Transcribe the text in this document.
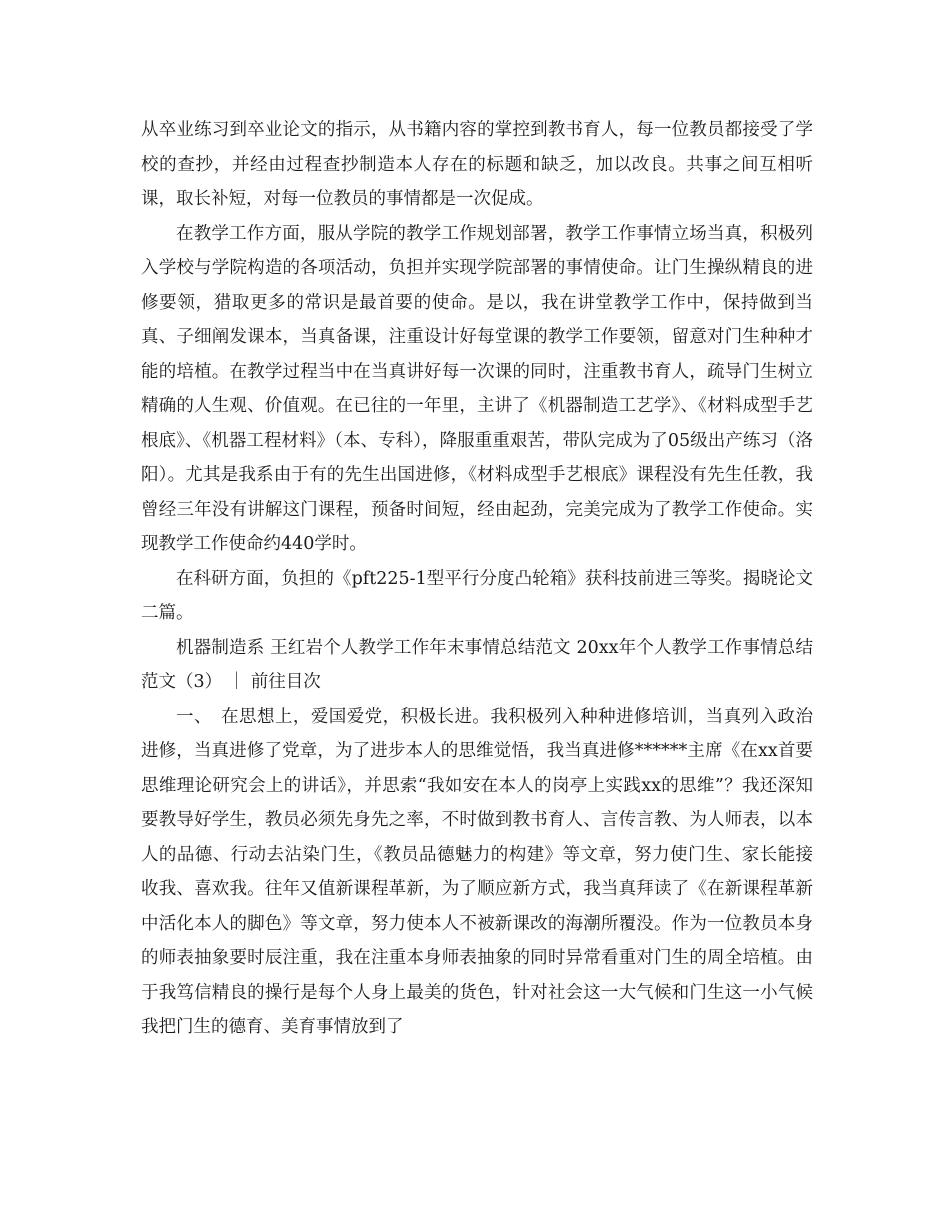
从卒业练习到卒业论文的指示，从书籍内容的掌控到教书育人，每一位教员都接受了学校的查抄，并经由过程查抄制造本人存在的标题和缺乏，加以改良。共事之间互相听课，取长补短，对每一位教员的事情都是一次促成。

在教学工作方面，服从学院的教学工作规划部署，教学工作事情立场当真，积极列入学校与学院构造的各项活动，负担并实现学院部署的事情使命。让门生操纵精良的进修要领，猎取更多的常识是最首要的使命。是以，我在讲堂教学工作中，保持做到当真、子细阐发课本，当真备课，注重设计好每堂课的教学工作要领，留意对门生种种才能的培植。在教学过程当中在当真讲好每一次课的同时，注重教书育人，疏导门生树立精确的人生观、价值观。在已往的一年里，主讲了《机器制造工艺学》、《材料成型手艺根底》、《机器工程材料》（本、专科），降服重重艰苦，带队完成为了05级出产练习（洛阳）。尤其是我系由于有的先生出国进修，《材料成型手艺根底》课程没有先生任教，我曾经三年没有讲解这门课程，预备时间短，经由起劲，完美完成为了教学工作使命。实现教学工作使命约440学时。

在科研方面，负担的《pft225-1型平行分度凸轮箱》获科技前进三等奖。揭晓论文二篇。

机器制造系 王红岩个人教学工作年末事情总结范文 20xx年个人教学工作事情总结范文（3） ｜ 前往目次

一、　在思想上，爱国爱党，积极长进。我积极列入种种进修培训，当真列入政治进修，当真进修了党章，为了进步本人的思维觉悟，我当真进修******主席《在xx首要思维理论研究会上的讲话》，并思索“我如安在本人的岗亭上实践xx的思维”？我还深知要教导好学生，教员必须先身先之率，不时做到教书育人、言传言教、为人师表，以本人的品德、行动去沾染门生，《教员品德魅力的构建》等文章，努力使门生、家长能接收我、喜欢我。往年又值新课程革新，为了顺应新方式，我当真拜读了《在新课程革新中活化本人的脚色》等文章，努力使本人不被新课改的海潮所覆没。作为一位教员本身的师表抽象要时辰注重，我在注重本身师表抽象的同时异常看重对门生的周全培植。由于我笃信精良的操行是每个人身上最美的货色，针对社会这一大气候和门生这一小气候我把门生的德育、美育事情放到了
